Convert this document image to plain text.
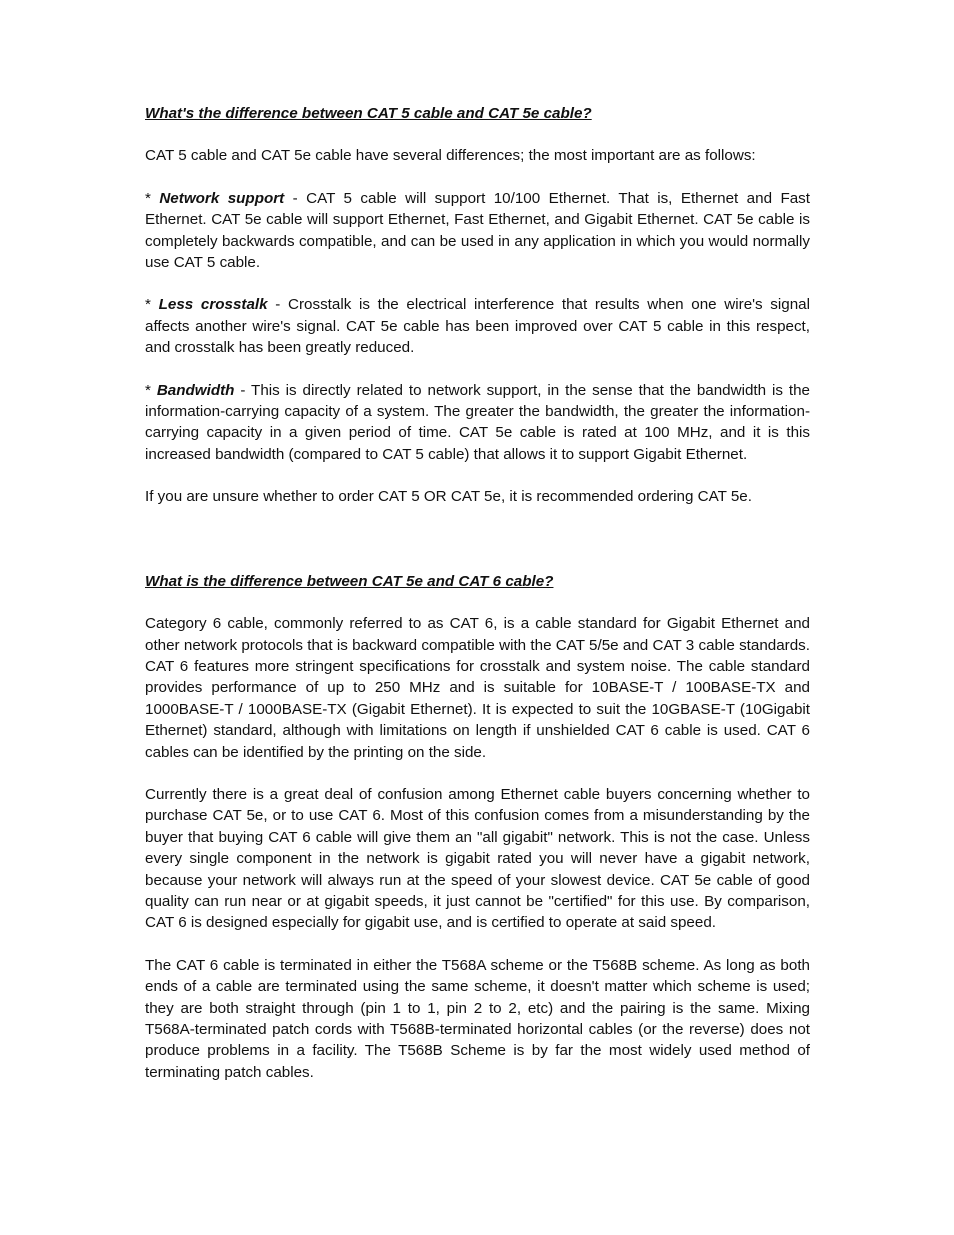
What's the difference between CAT 5 cable and CAT 5e cable?

CAT 5 cable and CAT 5e cable have several differences; the most important are as follows:

* Network support - CAT 5 cable will support 10/100 Ethernet. That is, Ethernet and Fast Ethernet. CAT 5e cable will support Ethernet, Fast Ethernet, and Gigabit Ethernet. CAT 5e cable is completely backwards compatible, and can be used in any application in which you would normally use CAT 5 cable.

* Less crosstalk - Crosstalk is the electrical interference that results when one wire's signal affects another wire's signal. CAT 5e cable has been improved over CAT 5 cable in this respect, and crosstalk has been greatly reduced.

* Bandwidth - This is directly related to network support, in the sense that the bandwidth is the information-carrying capacity of a system. The greater the bandwidth, the greater the information-carrying capacity in a given period of time. CAT 5e cable is rated at 100 MHz, and it is this increased bandwidth (compared to CAT 5 cable) that allows it to support Gigabit Ethernet.

If you are unsure whether to order CAT 5 OR CAT 5e, it is recommended ordering CAT 5e.

What is the difference between CAT 5e and CAT 6 cable?

Category 6 cable, commonly referred to as CAT 6, is a cable standard for Gigabit Ethernet and other network protocols that is backward compatible with the CAT 5/5e and CAT 3 cable standards. CAT 6 features more stringent specifications for crosstalk and system noise. The cable standard provides performance of up to 250 MHz and is suitable for 10BASE-T / 100BASE-TX and 1000BASE-T / 1000BASE-TX (Gigabit Ethernet). It is expected to suit the 10GBASE-T (10Gigabit Ethernet) standard, although with limitations on length if unshielded CAT 6 cable is used. CAT 6 cables can be identified by the printing on the side.

Currently there is a great deal of confusion among Ethernet cable buyers concerning whether to purchase CAT 5e, or to use CAT 6. Most of this confusion comes from a misunderstanding by the buyer that buying CAT 6 cable will give them an "all gigabit" network. This is not the case. Unless every single component in the network is gigabit rated you will never have a gigabit network, because your network will always run at the speed of your slowest device. CAT 5e cable of good quality can run near or at gigabit speeds, it just cannot be "certified" for this use. By comparison, CAT 6 is designed especially for gigabit use, and is certified to operate at said speed.

The CAT 6 cable is terminated in either the T568A scheme or the T568B scheme. As long as both ends of a cable are terminated using the same scheme, it doesn't matter which scheme is used; they are both straight through (pin 1 to 1, pin 2 to 2, etc) and the pairing is the same. Mixing T568A-terminated patch cords with T568B-terminated horizontal cables (or the reverse) does not produce problems in a facility. The T568B Scheme is by far the most widely used method of terminating patch cables.
